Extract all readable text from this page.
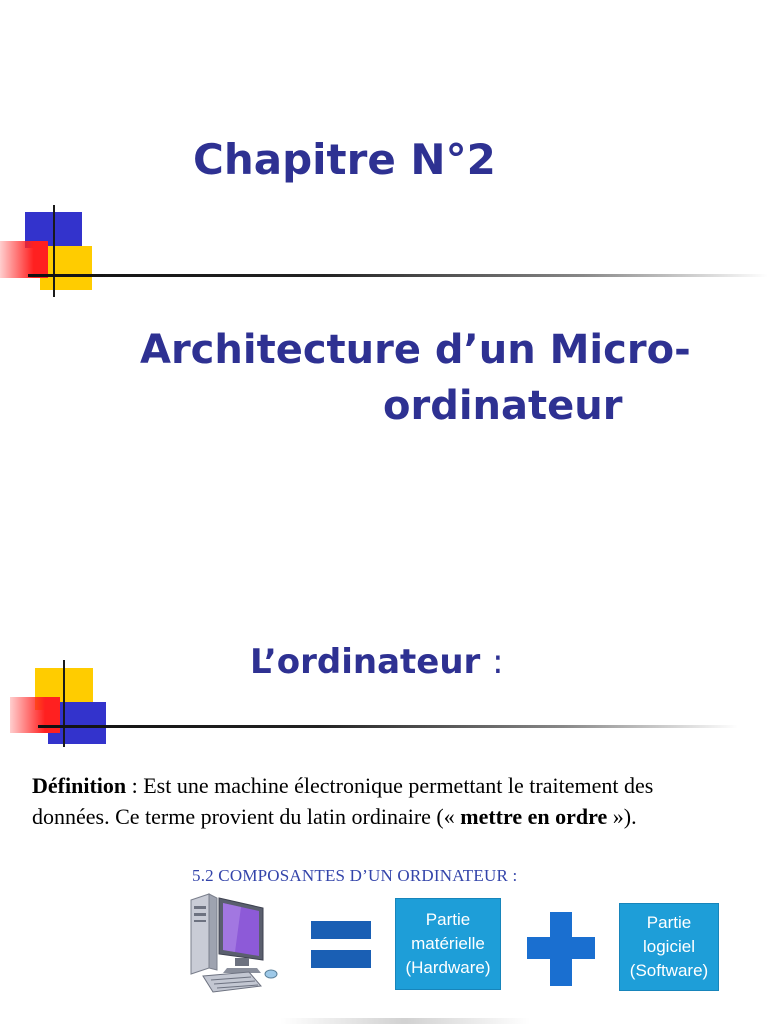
Chapitre N°2
Architecture d’un Micro-
ordinateur
L’ordinateur :
Définition : Est une machine électronique permettant le traitement des données. Ce terme provient du latin ordinaire (« mettre en ordre »).
5.2 COMPOSANTES D’UN ORDINATEUR :
Partie
matérielle
(Hardware)
Partie
logiciel
(Software)
